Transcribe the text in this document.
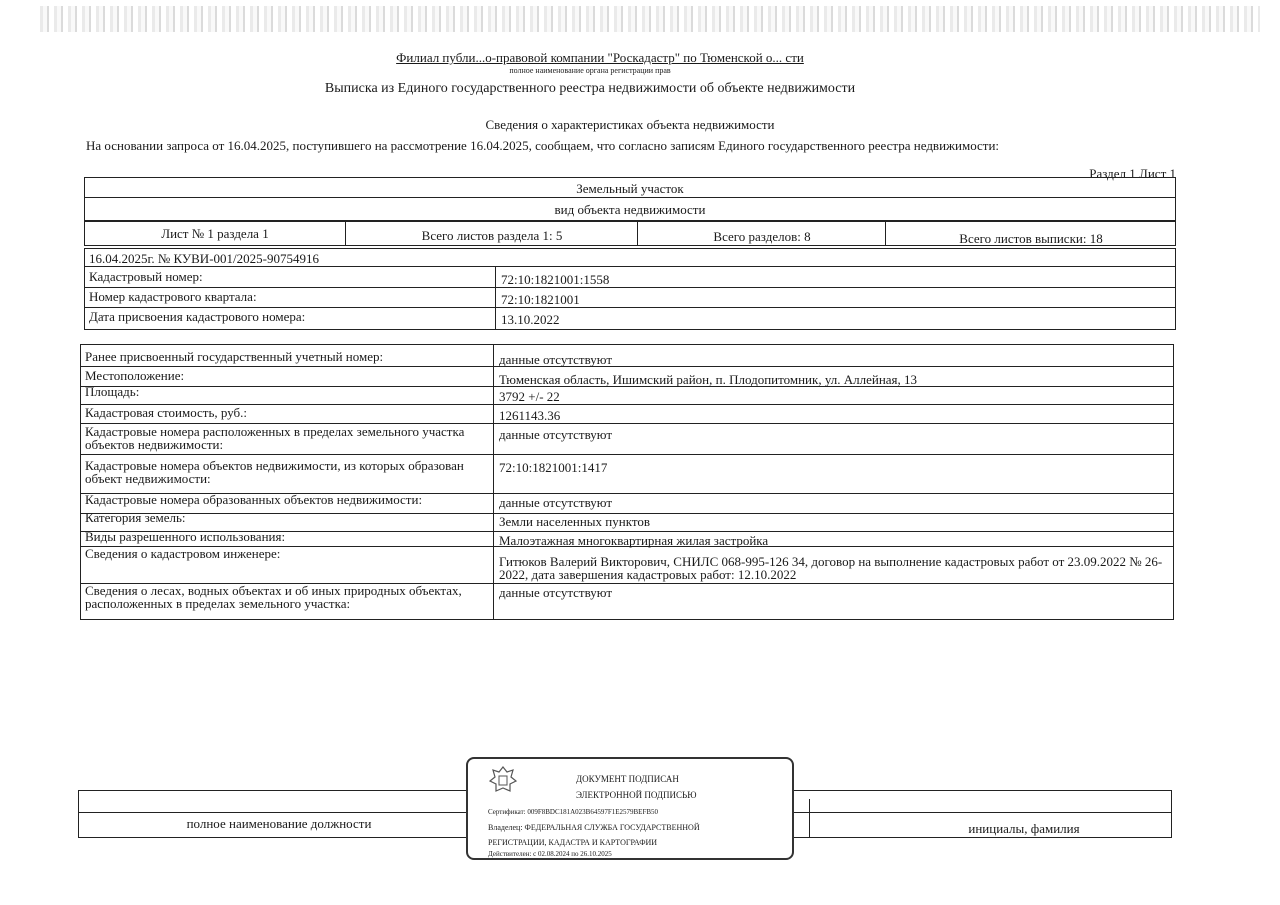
Филиал публи...о-правовой компании "Роскадастр" по Тюменской о... сти
полное наименование органа регистрации прав
Выписка из Единого государственного реестра недвижимости об объекте недвижимости
Сведения о характеристиках объекта недвижимости
На основании запроса от 16.04.2025, поступившего на рассмотрение 16.04.2025, сообщаем, что согласно записям Единого государственного реестра недвижимости:
Раздел 1 Лист 1
Земельный участок
вид объекта недвижимости
Лист № 1 раздела 1	Всего листов раздела 1: 5	Всего разделов: 8	Всего листов выписки: 18
16.04.2025г. № КУВИ-001/2025-90754916
Кадастровый номер:	72:10:1821001:1558
Номер кадастрового квартала:	72:10:1821001
Дата присвоения кадастрового номера:	13.10.2022
Ранее присвоенный государственный учетный номер:	данные отсутствуют
Местоположение:	Тюменская область, Ишимский район, п. Плодопитомник, ул. Аллейная, 13
Площадь:	3792 +/- 22
Кадастровая стоимость, руб.:	1261143.36
Кадастровые номера расположенных в пределах земельного участка объектов недвижимости:
данные отсутствуют
Кадастровые номера объектов недвижимости, из которых образован объект недвижимости:
72:10:1821001:1417
Кадастровые номера образованных объектов недвижимости:	данные отсутствуют
Категория земель:	Земли населенных пунктов
Виды разрешенного использования:	Малоэтажная многоквартирная жилая застройка
Сведения о кадастровом инженере:
Гитюков Валерий Викторович, СНИЛС 068-995-126 34, договор на выполнение кадастровых работ от 23.09.2022 № 26-2022, дата завершения кадастровых работ: 12.10.2022
Сведения о лесах, водных объектах и об иных природных объектах, расположенных в пределах земельного участка:
данные отсутствуют
полное наименование должности	инициалы, фамилия
ДОКУМЕНТ ПОДПИСАН
ЭЛЕКТРОННОЙ ПОДПИСЬЮ
Сертификат: 009F8BDC181A023B64597F1E2579BEFB50
Владелец: ФЕДЕРАЛЬНАЯ СЛУЖБА ГОСУДАРСТВЕННОЙ
РЕГИСТРАЦИИ, КАДАСТРА И КАРТОГРАФИИ
Действителен: с 02.08.2024 по 26.10.2025
